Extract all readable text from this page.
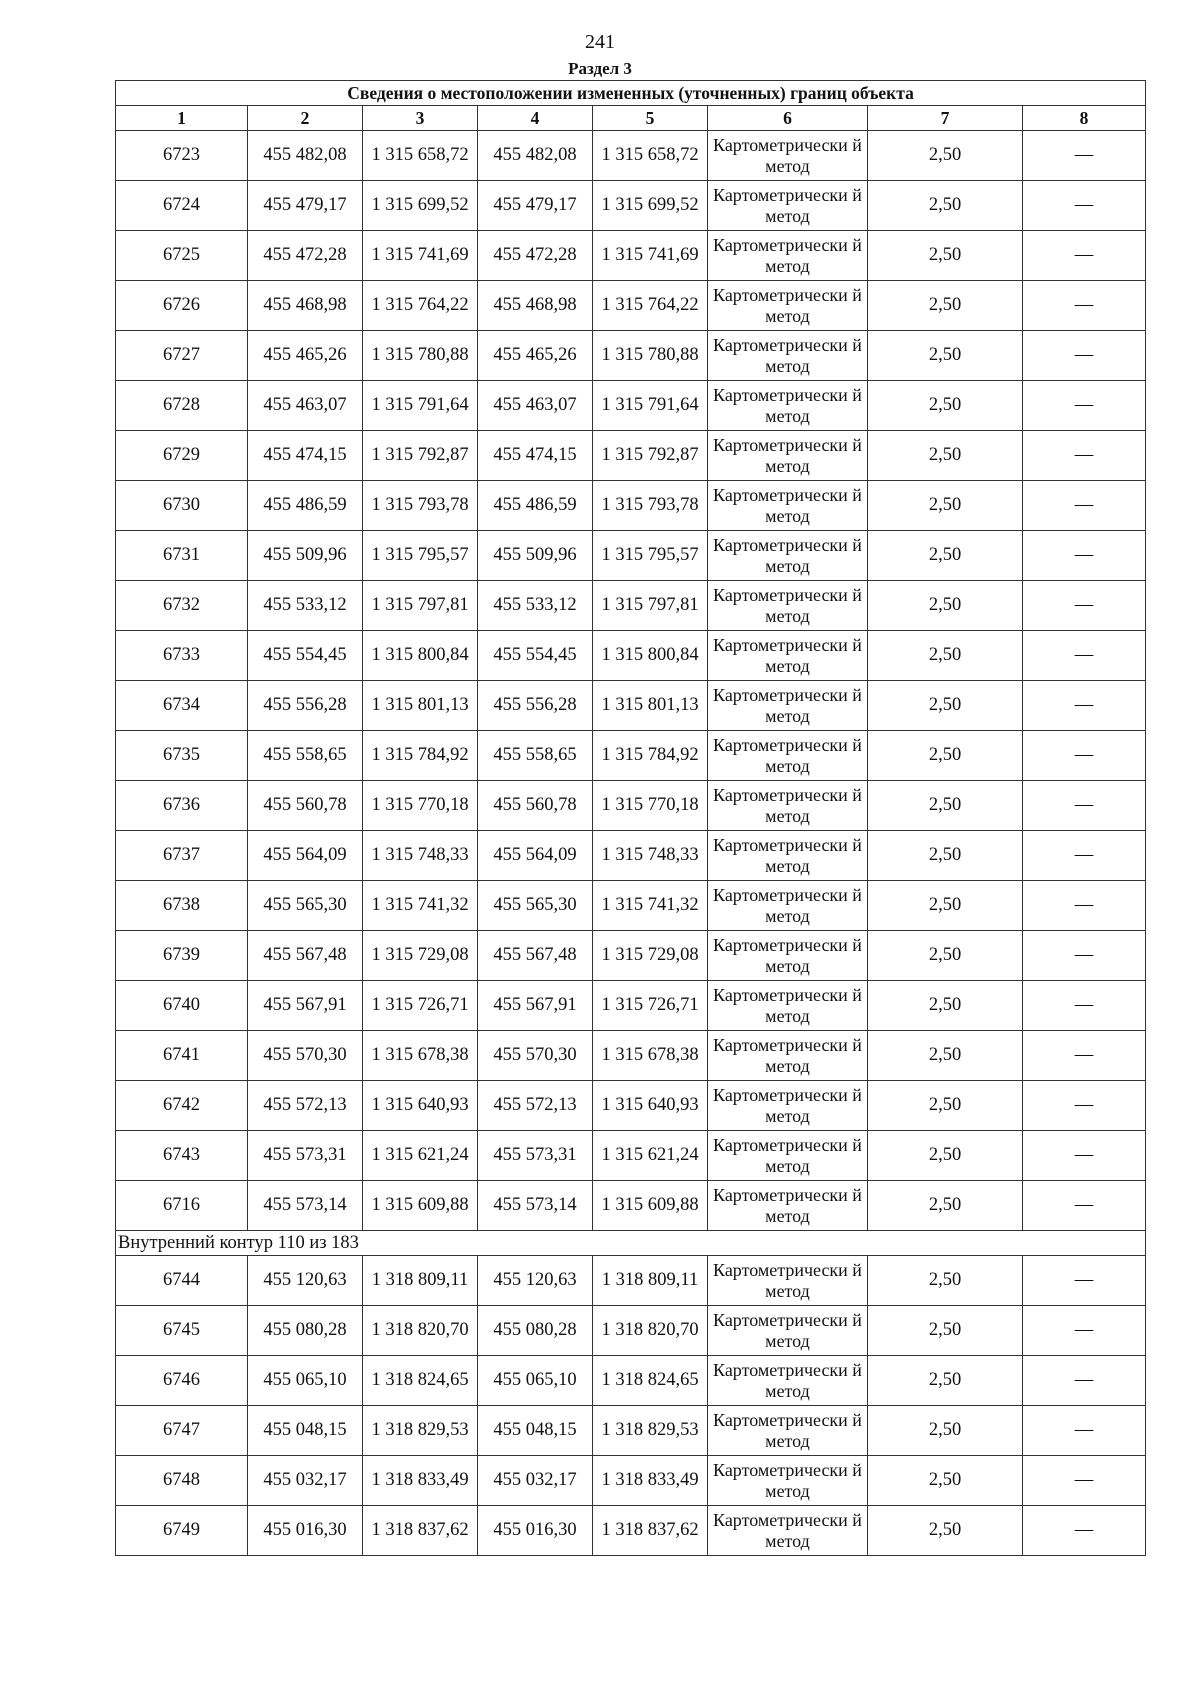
241
Раздел 3
Сведения о местоположении измененных (уточненных) границ объекта							
1	2	3	4	5	6	7	8
6723	455 482,08	1 315 658,72	455 482,08	1 315 658,72	Картометрически й метод	2,50	—
6724	455 479,17	1 315 699,52	455 479,17	1 315 699,52	Картометрически й метод	2,50	—
6725	455 472,28	1 315 741,69	455 472,28	1 315 741,69	Картометрически й метод	2,50	—
6726	455 468,98	1 315 764,22	455 468,98	1 315 764,22	Картометрически й метод	2,50	—
6727	455 465,26	1 315 780,88	455 465,26	1 315 780,88	Картометрически й метод	2,50	—
6728	455 463,07	1 315 791,64	455 463,07	1 315 791,64	Картометрически й метод	2,50	—
6729	455 474,15	1 315 792,87	455 474,15	1 315 792,87	Картометрически й метод	2,50	—
6730	455 486,59	1 315 793,78	455 486,59	1 315 793,78	Картометрически й метод	2,50	—
6731	455 509,96	1 315 795,57	455 509,96	1 315 795,57	Картометрически й метод	2,50	—
6732	455 533,12	1 315 797,81	455 533,12	1 315 797,81	Картометрически й метод	2,50	—
6733	455 554,45	1 315 800,84	455 554,45	1 315 800,84	Картометрически й метод	2,50	—
6734	455 556,28	1 315 801,13	455 556,28	1 315 801,13	Картометрически й метод	2,50	—
6735	455 558,65	1 315 784,92	455 558,65	1 315 784,92	Картометрически й метод	2,50	—
6736	455 560,78	1 315 770,18	455 560,78	1 315 770,18	Картометрически й метод	2,50	—
6737	455 564,09	1 315 748,33	455 564,09	1 315 748,33	Картометрически й метод	2,50	—
6738	455 565,30	1 315 741,32	455 565,30	1 315 741,32	Картометрически й метод	2,50	—
6739	455 567,48	1 315 729,08	455 567,48	1 315 729,08	Картометрически й метод	2,50	—
6740	455 567,91	1 315 726,71	455 567,91	1 315 726,71	Картометрически й метод	2,50	—
6741	455 570,30	1 315 678,38	455 570,30	1 315 678,38	Картометрически й метод	2,50	—
6742	455 572,13	1 315 640,93	455 572,13	1 315 640,93	Картометрически й метод	2,50	—
6743	455 573,31	1 315 621,24	455 573,31	1 315 621,24	Картометрически й метод	2,50	—
6716	455 573,14	1 315 609,88	455 573,14	1 315 609,88	Картометрически й метод	2,50	—
Внутренний контур 110 из 183							
6744	455 120,63	1 318 809,11	455 120,63	1 318 809,11	Картометрически й метод	2,50	—
6745	455 080,28	1 318 820,70	455 080,28	1 318 820,70	Картометрически й метод	2,50	—
6746	455 065,10	1 318 824,65	455 065,10	1 318 824,65	Картометрически й метод	2,50	—
6747	455 048,15	1 318 829,53	455 048,15	1 318 829,53	Картометрически й метод	2,50	—
6748	455 032,17	1 318 833,49	455 032,17	1 318 833,49	Картометрически й метод	2,50	—
6749	455 016,30	1 318 837,62	455 016,30	1 318 837,62	Картометрически й метод	2,50	—
